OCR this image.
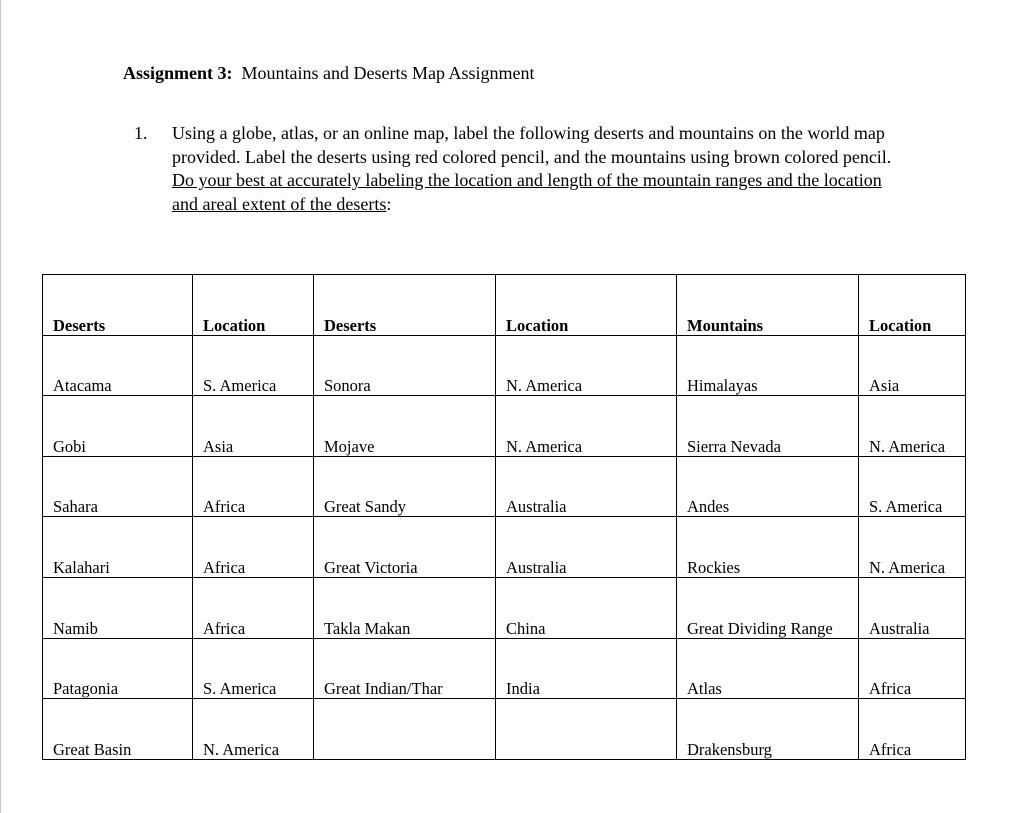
Assignment 3: Mountains and Deserts Map Assignment
1. Using a globe, atlas, or an online map, label the following deserts and mountains on the world map provided. Label the deserts using red colored pencil, and the mountains using brown colored pencil. Do your best at accurately labeling the location and length of the mountain ranges and the location and areal extent of the deserts:
Deserts	Location	Deserts	Location	Mountains	Location
Atacama	S. America	Sonora	N. America	Himalayas	Asia
Gobi	Asia	Mojave	N. America	Sierra Nevada	N. America
Sahara	Africa	Great Sandy	Australia	Andes	S. America
Kalahari	Africa	Great Victoria	Australia	Rockies	N. America
Namib	Africa	Takla Makan	China	Great Dividing Range	Australia
Patagonia	S. America	Great Indian/Thar	India	Atlas	Africa
Great Basin	N. America			Drakensburg	Africa
